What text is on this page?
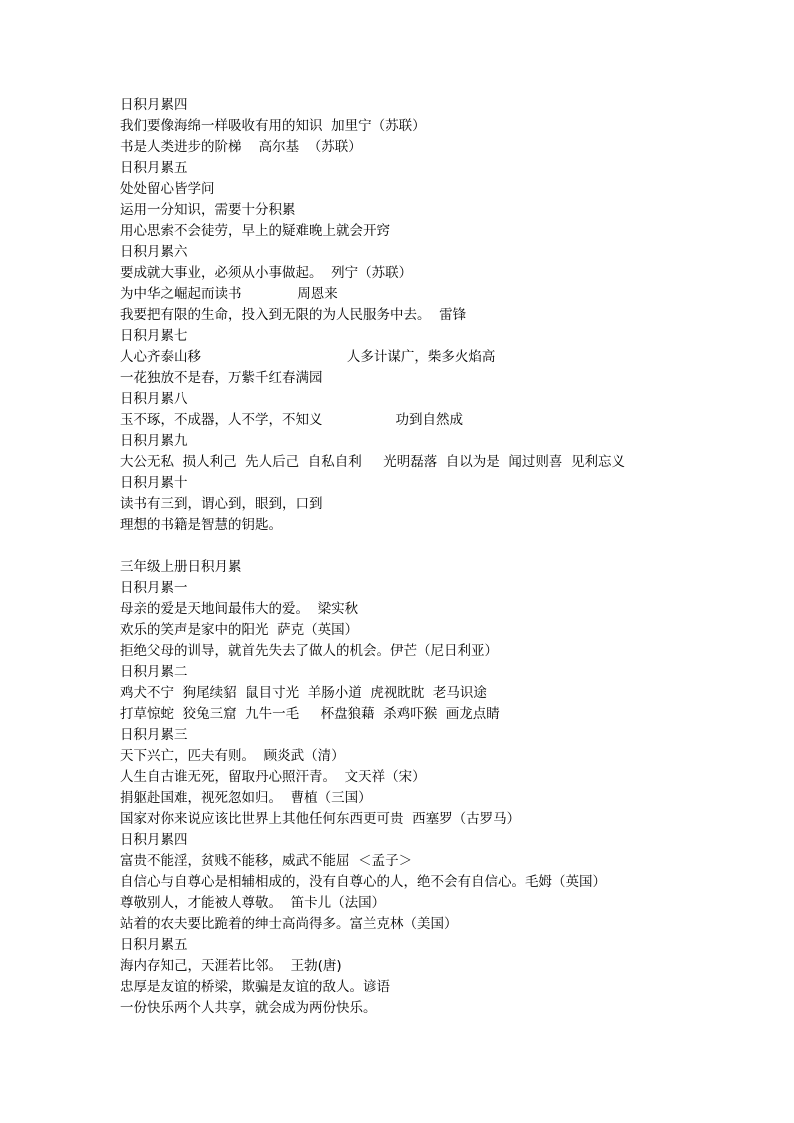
日积月累四
我们要像海绵一样吸收有用的知识  加里宁（苏联）
书是人类进步的阶梯    高尔基  （苏联）
日积月累五
处处留心皆学问
运用一分知识，需要十分积累
用心思索不会徒劳，早上的疑难晚上就会开窍
日积月累六
要成就大事业，必须从小事做起。  列宁（苏联）
为中华之崛起而读书             周恩来
我要把有限的生命，投入到无限的为人民服务中去。  雷锋
日积月累七
人心齐泰山移                                  人多计谋广，柴多火焰高
一花独放不是春，万紫千红春满园
日积月累八
玉不琢，不成器，人不学，不知义                 功到自然成
日积月累九
大公无私  损人利己  先人后己  自私自利     光明磊落  自以为是  闻过则喜  见利忘义
日积月累十
读书有三到，谓心到，眼到，口到
理想的书籍是智慧的钥匙。
三年级上册日积月累
日积月累一
母亲的爱是天地间最伟大的爱。  梁实秋
欢乐的笑声是家中的阳光  萨克（英国）
拒绝父母的训导，就首先失去了做人的机会。伊芒（尼日利亚）
日积月累二
鸡犬不宁  狗尾续貂  鼠目寸光  羊肠小道  虎视眈眈  老马识途
打草惊蛇  狡兔三窟  九牛一毛     杯盘狼藉  杀鸡吓猴  画龙点睛
日积月累三
天下兴亡，匹夫有则。  顾炎武（清）
人生自古谁无死，留取丹心照汗青。  文天祥（宋）
捐躯赴国难，视死忽如归。  曹植（三国）
国家对你来说应该比世界上其他任何东西更可贵  西塞罗（古罗马）
日积月累四
富贵不能淫，贫贱不能移，威武不能屈  ＜孟子＞
自信心与自尊心是相辅相成的，没有自尊心的人，绝不会有自信心。毛姆（英国）
尊敬别人，才能被人尊敬。  笛卡儿（法国）
站着的农夫要比跪着的绅士高尚得多。富兰克林（美国）
日积月累五
海内存知己，天涯若比邻。  王勃(唐)
忠厚是友谊的桥梁，欺骗是友谊的敌人。谚语
一份快乐两个人共享，就会成为两份快乐。
